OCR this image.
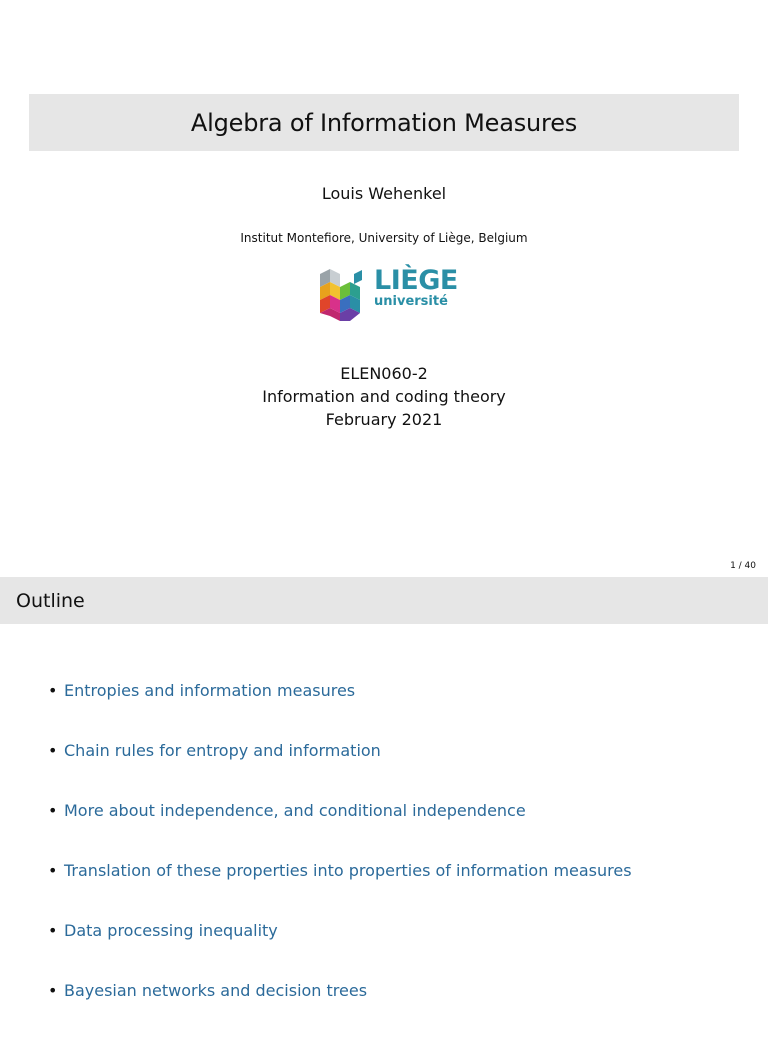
Algebra of Information Measures
Louis Wehenkel
Institut Montefiore, University of Liège, Belgium
LIÈGE
université
ELEN060-2
Information and coding theory
February 2021
1 / 40
Outline
• Entropies and information measures
• Chain rules for entropy and information
• More about independence, and conditional independence
• Translation of these properties into properties of information measures
• Data processing inequality
• Bayesian networks and decision trees
